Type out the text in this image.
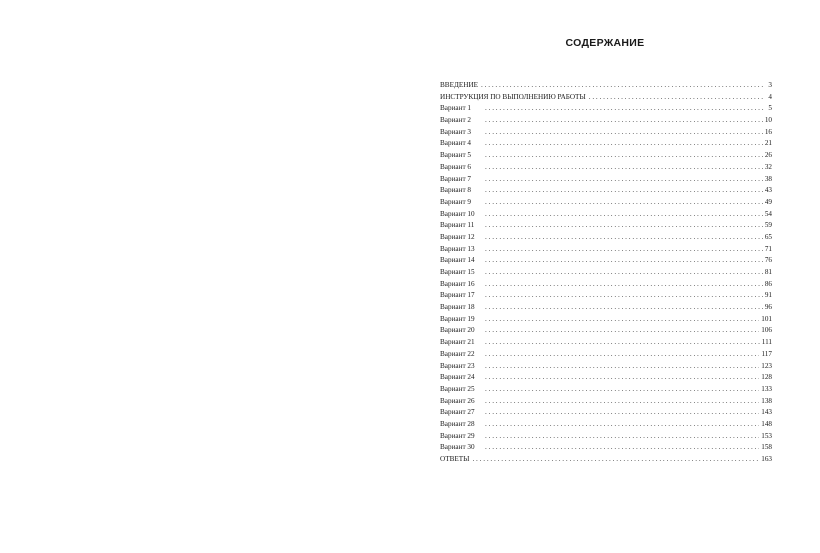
СОДЕРЖАНИЕ
ВВЕДЕНИЕ . . .	3
ИНСТРУКЦИЯ ПО ВЫПОЛНЕНИЮ РАБОТЫ . . .	4
Вариант 1 . . .	5
Вариант 2 . . .	10
Вариант 3 . . .	16
Вариант 4 . . .	21
Вариант 5 . . .	26
Вариант 6 . . .	32
Вариант 7 . . .	38
Вариант 8 . . .	43
Вариант 9 . . .	49
Вариант 10 . . .	54
Вариант 11 . . .	59
Вариант 12 . . .	65
Вариант 13 . . .	71
Вариант 14 . . .	76
Вариант 15 . . .	81
Вариант 16 . . .	86
Вариант 17 . . .	91
Вариант 18 . . .	96
Вариант 19 . . .	101
Вариант 20 . . .	106
Вариант 21 . . .	111
Вариант 22 . . .	117
Вариант 23 . . .	123
Вариант 24 . . .	128
Вариант 25 . . .	133
Вариант 26 . . .	138
Вариант 27 . . .	143
Вариант 28 . . .	148
Вариант 29 . . .	153
Вариант 30 . . .	158
ОТВЕТЫ . . .	163
